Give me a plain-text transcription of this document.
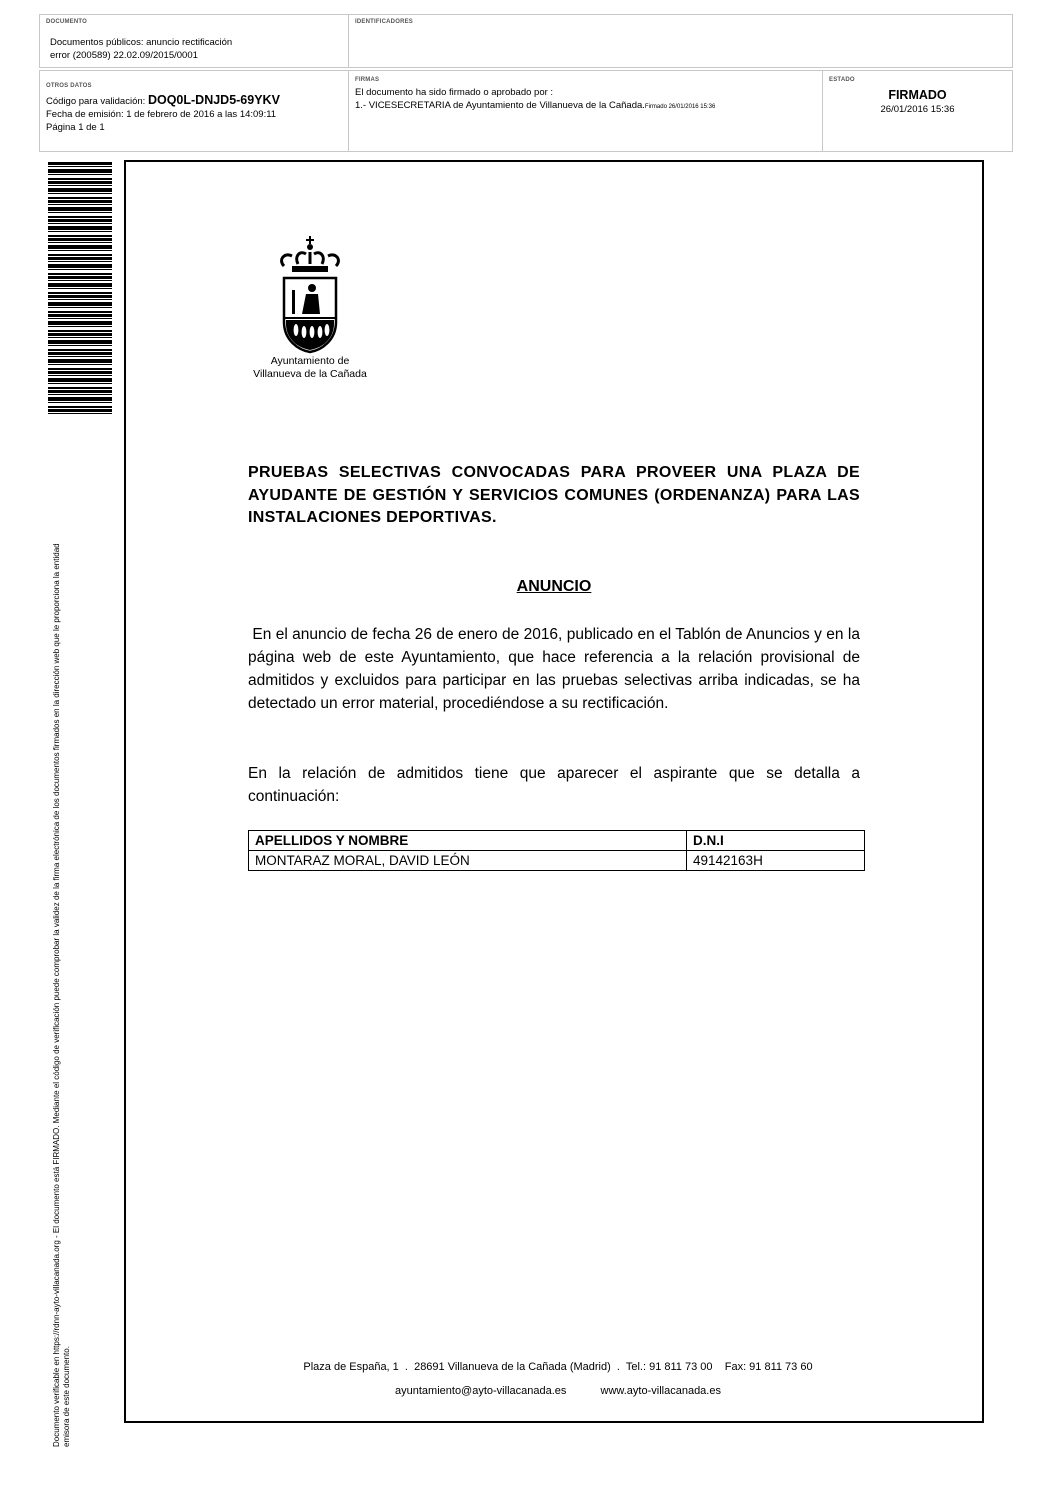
DOCUMENTO
Documentos públicos: anuncio rectificación
error (200589) 22.02.09/2015/0001
IDENTIFICADORES
OTROS DATOS
Código para validación: DOQ0L-DNJD5-69YKV
Fecha de emisión: 1 de febrero de 2016 a las 14:09:11
Página 1 de 1
FIRMAS
El documento ha sido firmado o aprobado por :
1.- VICESECRETARIA de Ayuntamiento de Villanueva de la Cañada.Firmado 26/01/2016 15:36
ESTADO
FIRMADO
26/01/2016 15:36
Documento verificable en https://rdnn-ayto-villacanada.org - El documento está FIRMADO. Mediante el código de verificación puede comprobar la validez de la firma electrónica de los documentos firmados en la dirección web que le proporciona la entidad emisora de este documento.
Ayuntamiento de
Villanueva de la Cañada
PRUEBAS SELECTIVAS CONVOCADAS PARA PROVEER UNA PLAZA DE AYUDANTE DE GESTIÓN Y SERVICIOS COMUNES (ORDENANZA) PARA LAS INSTALACIONES DEPORTIVAS.
ANUNCIO
En el anuncio de fecha 26 de enero de 2016, publicado en el Tablón de Anuncios y en la página web de este Ayuntamiento, que hace referencia a la relación provisional de admitidos y excluidos para participar en las pruebas selectivas arriba indicadas, se ha detectado un error material, procediéndose a su rectificación.
En la relación de admitidos tiene que aparecer el aspirante que se detalla a continuación:
APELLIDOS Y NOMBRE	D.N.I
MONTARAZ MORAL, DAVID LEÓN	49142163H
Plaza de España, 1  .  28691 Villanueva de la Cañada (Madrid)  .  Tel.: 91 811 73 00    Fax: 91 811 73 60
ayuntamiento@ayto-villacanada.es	www.ayto-villacanada.es
